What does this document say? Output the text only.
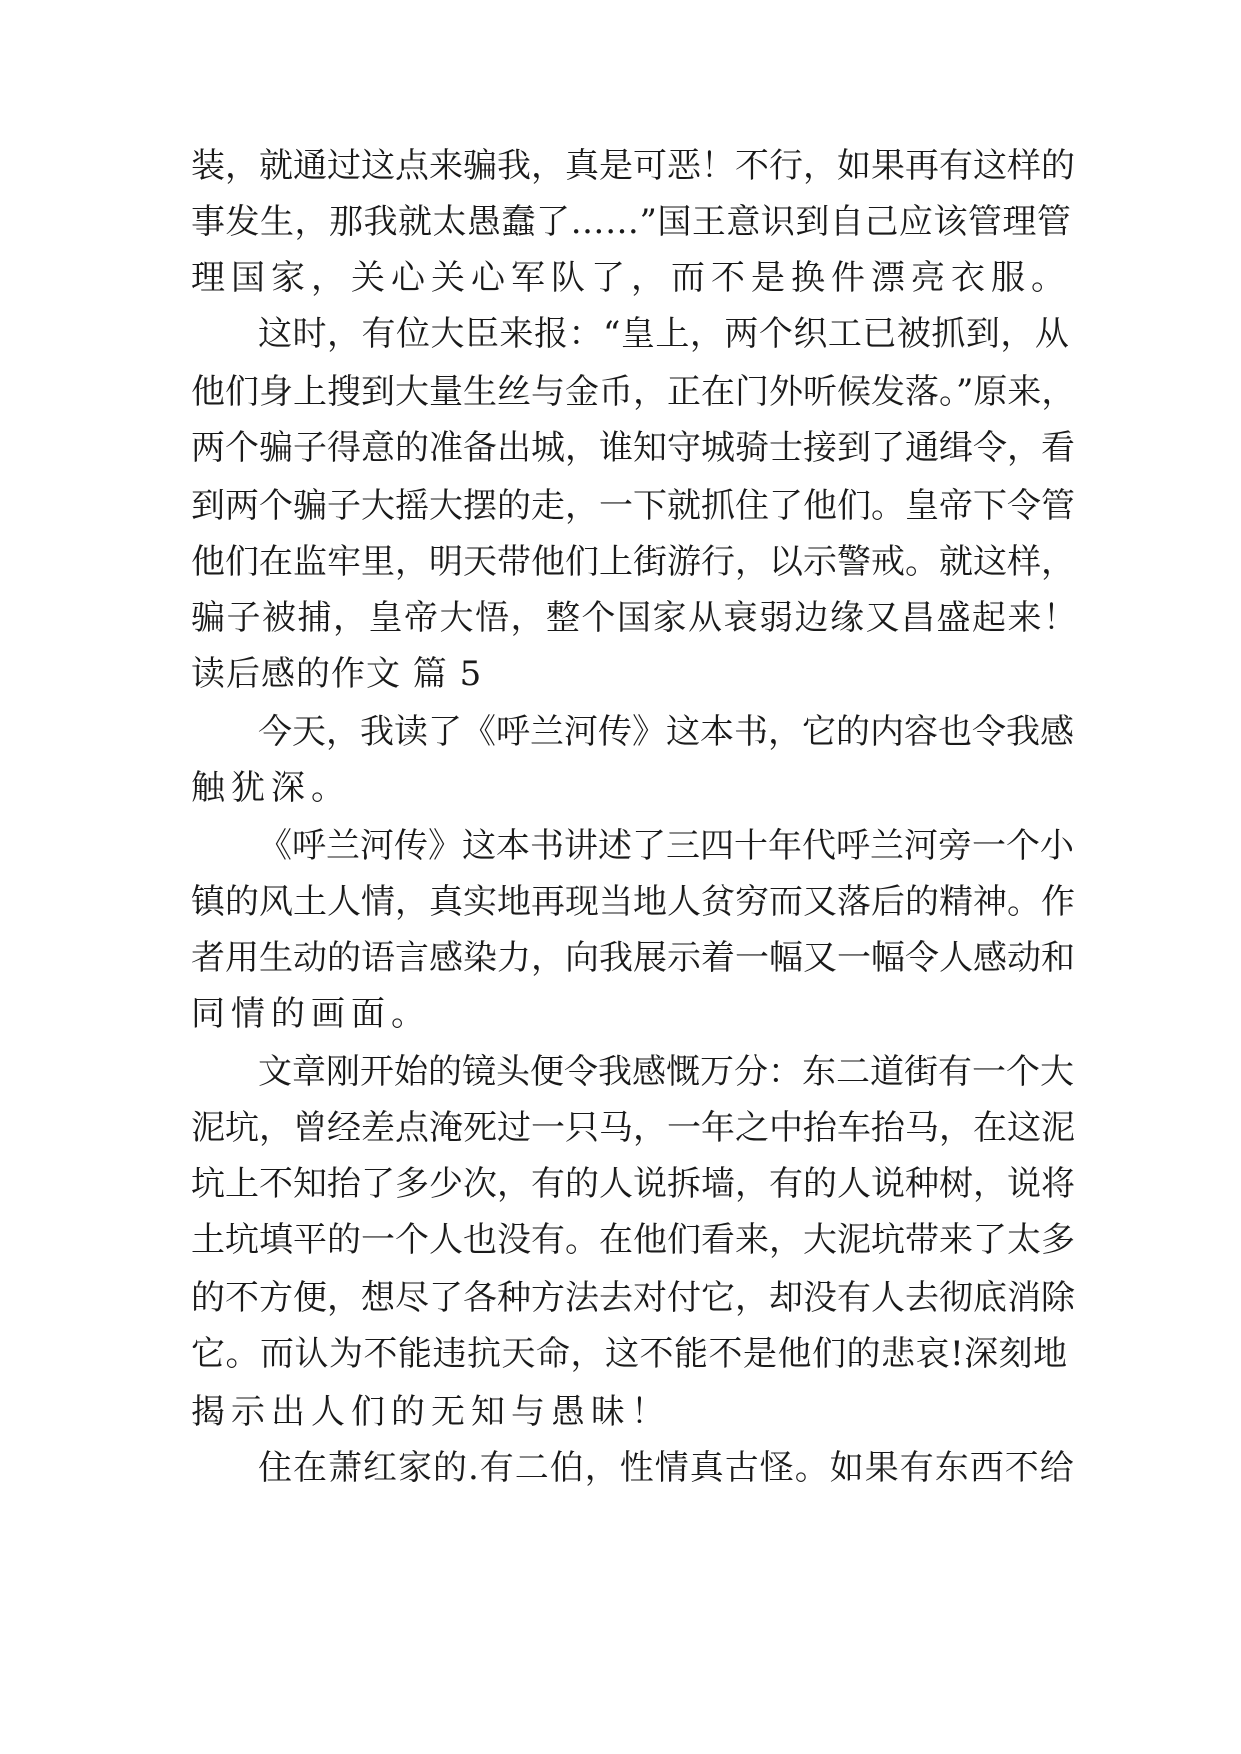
装，就通过这点来骗我，真是可恶！不行，如果再有这样的
事发生，那我就太愚蠢了……”国王意识到自己应该管理管
理国家，关心关心军队了，而不是换件漂亮衣服。
这时，有位大臣来报：“皇上，两个织工已被抓到，从
他们身上搜到大量生丝与金币，正在门外听候发落。”原来，
两个骗子得意的准备出城，谁知守城骑士接到了通缉令，看
到两个骗子大摇大摆的走，一下就抓住了他们。皇帝下令管
他们在监牢里，明天带他们上街游行，以示警戒。就这样，
骗子被捕，皇帝大悟，整个国家从衰弱边缘又昌盛起来！
读后感的作文 篇 5
今天，我读了《呼兰河传》这本书，它的内容也令我感
触犹深。
《呼兰河传》这本书讲述了三四十年代呼兰河旁一个小
镇的风土人情，真实地再现当地人贫穷而又落后的精神。作
者用生动的语言感染力，向我展示着一幅又一幅令人感动和
同情的画面。
文章刚开始的镜头便令我感慨万分：东二道街有一个大
泥坑，曾经差点淹死过一只马，一年之中抬车抬马，在这泥
坑上不知抬了多少次，有的人说拆墙，有的人说种树，说将
土坑填平的一个人也没有。在他们看来，大泥坑带来了太多
的不方便，想尽了各种方法去对付它，却没有人去彻底消除
它。而认为不能违抗天命，这不能不是他们的悲哀!深刻地
揭示出人们的无知与愚昧！
住在萧红家的.有二伯，性情真古怪。如果有东西不给
